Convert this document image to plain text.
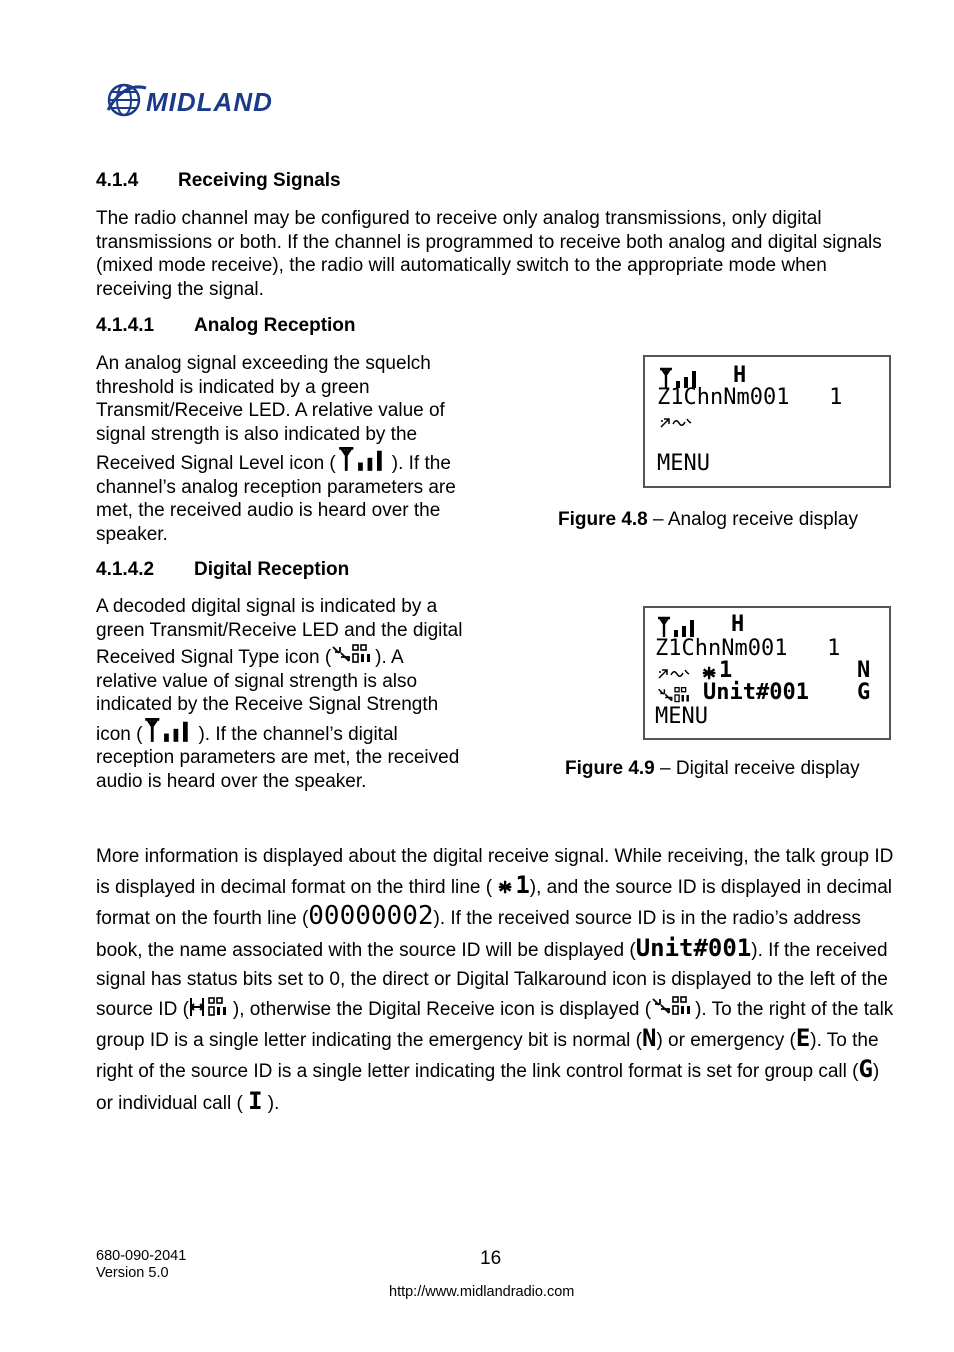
MIDLAND
4.1.4 Receiving Signals
The radio channel may be configured to receive only analog transmissions, only digital transmissions or both. If the channel is programmed to receive both analog and digital signals (mixed mode receive), the radio will automatically switch to the appropriate mode when receiving the signal.
4.1.4.1 Analog Reception
An analog signal exceeding the squelch threshold is indicated by a green Transmit/Receive LED. A relative value of signal strength is also indicated by the Received Signal Level icon (	). If the channel’s analog reception parameters are met, the received audio is heard over the speaker.
H
Z1ChnNm001   1
MENU
Figure 4.8 – Analog receive display
4.1.4.2 Digital Reception
A decoded digital signal is indicated by a green Transmit/Receive LED and the digital Received Signal Type icon ( ). A relative value of signal strength is also indicated by the Receive Signal Strength icon (	). If the channel’s digital reception parameters are met, the received audio is heard over the speaker.
H
Z1ChnNm001   1
1	N
Unit#001 G
MENU
Figure 4.9 – Digital receive display
More information is displayed about the digital receive signal. While receiving, the talk group ID is displayed in decimal format on the third line ( 1), and the source ID is displayed in decimal format on the fourth line (00000002). If the received source ID is in the radio’s address book, the name associated with the source ID will be displayed (Unit#001). If the received signal has status bits set to 0, the direct or Digital Talkaround icon is displayed to the left of the source ID ( ), otherwise the Digital Receive icon is displayed ( ). To the right of the talk group ID is a single letter indicating the emergency bit is normal (N) or emergency (E). To the right of the source ID is a single letter indicating the link control format is set for group call (G) or individual call ( I ).
680-090-2041
Version 5.0
16
http://www.midlandradio.com
